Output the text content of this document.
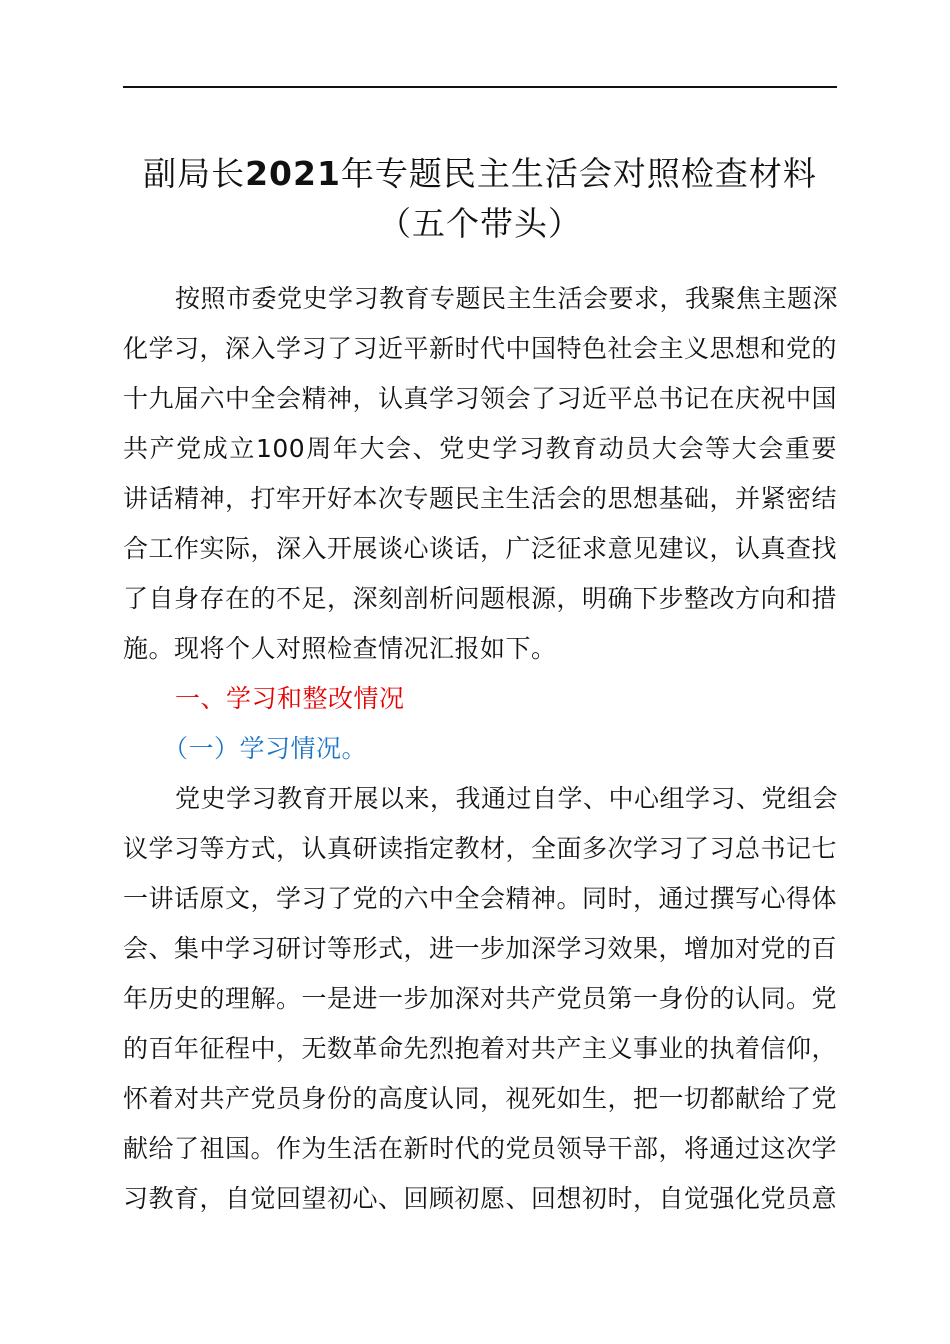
副局长2021年专题民主生活会对照检查材料
（五个带头）
按照市委党史学习教育专题民主生活会要求，我聚焦主题深
化学习，深入学习了习近平新时代中国特色社会主义思想和党的
十九届六中全会精神，认真学习领会了习近平总书记在庆祝中国
共产党成立100周年大会、党史学习教育动员大会等大会重要
讲话精神，打牢开好本次专题民主生活会的思想基础，并紧密结
合工作实际，深入开展谈心谈话，广泛征求意见建议，认真查找
了自身存在的不足，深刻剖析问题根源，明确下步整改方向和措
施。现将个人对照检查情况汇报如下。
一、学习和整改情况
（一）学习情况。
党史学习教育开展以来，我通过自学、中心组学习、党组会
议学习等方式，认真研读指定教材，全面多次学习了习总书记七
一讲话原文，学习了党的六中全会精神。同时，通过撰写心得体
会、集中学习研讨等形式，进一步加深学习效果，增加对党的百
年历史的理解。一是进一步加深对共产党员第一身份的认同。党
的百年征程中，无数革命先烈抱着对共产主义事业的执着信仰，
怀着对共产党员身份的高度认同，视死如生，把一切都献给了党
献给了祖国。作为生活在新时代的党员领导干部，将通过这次学
习教育，自觉回望初心、回顾初愿、回想初时，自觉强化党员意
